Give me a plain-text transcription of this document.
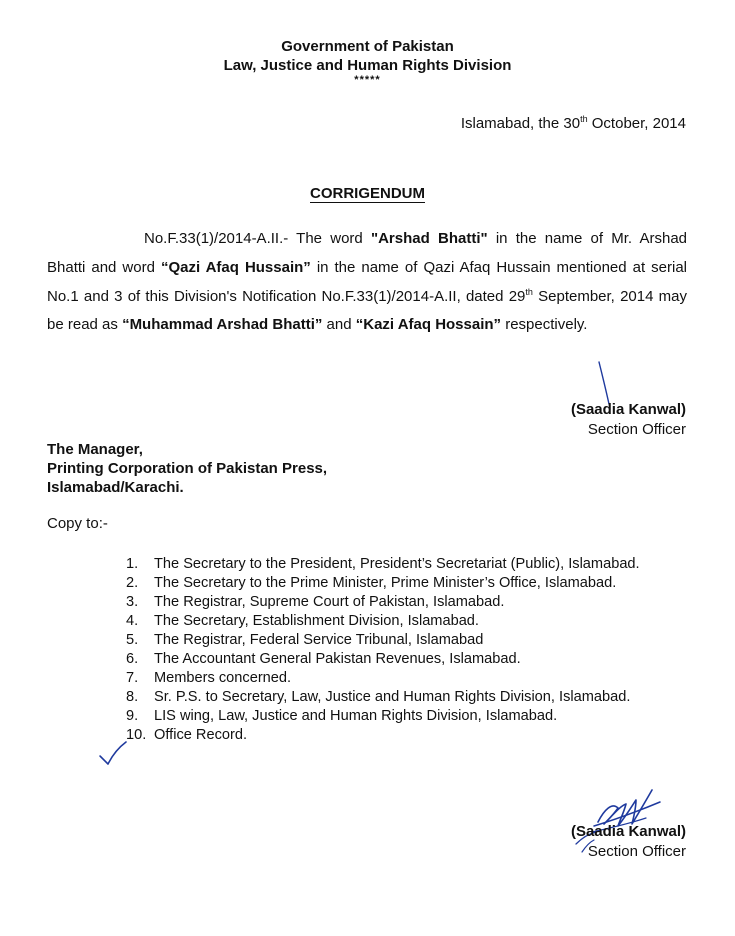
Government of Pakistan
Law, Justice and Human Rights Division
*****
Islamabad, the 30th October, 2014
CORRIGENDUM
No.F.33(1)/2014-A.II.- The word "Arshad Bhatti" in the name of Mr. Arshad Bhatti and word “Qazi Afaq Hussain” in the name of Qazi Afaq Hussain mentioned at serial No.1 and 3 of this Division's Notification No.F.33(1)/2014-A.II, dated 29th September, 2014 may be read as “Muhammad Arshad Bhatti” and “Kazi Afaq Hossain” respectively.
(Saadia Kanwal)
Section Officer
The Manager,
Printing Corporation of Pakistan Press,
Islamabad/Karachi.
Copy to:-
1. The Secretary to the President, President’s Secretariat (Public), Islamabad.
2. The Secretary to the Prime Minister, Prime Minister’s Office, Islamabad.
3. The Registrar, Supreme Court of Pakistan, Islamabad.
4. The Secretary, Establishment Division, Islamabad.
5. The Registrar, Federal Service Tribunal, Islamabad
6. The Accountant General Pakistan Revenues, Islamabad.
7. Members concerned.
8. Sr. P.S. to Secretary, Law, Justice and Human Rights Division, Islamabad.
9. LIS wing, Law, Justice and Human Rights Division, Islamabad.
10. Office Record.
(Saadia Kanwal)
Section Officer
